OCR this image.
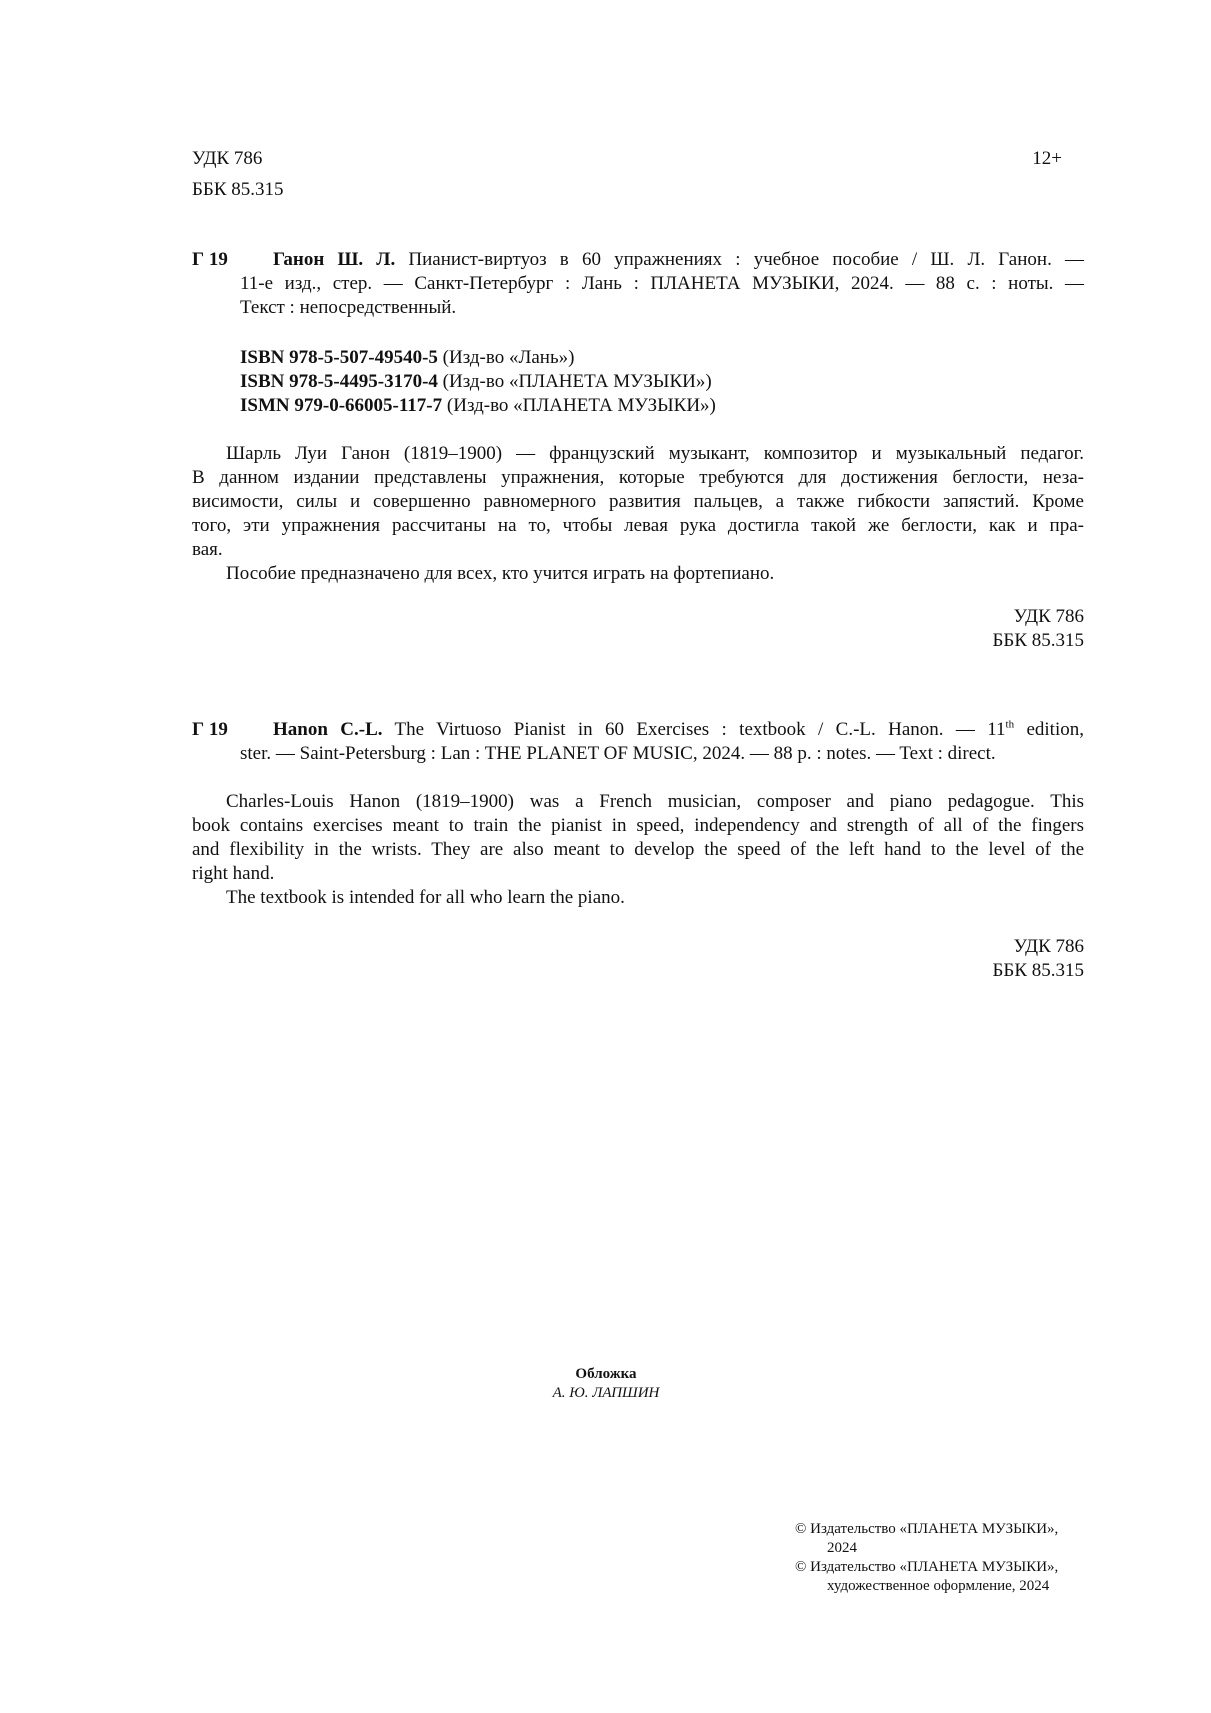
УДК 786
ББК 85.315
12+
Г 19	Ганон Ш. Л. Пианист-виртуоз в 60 упражнениях : учебное пособие / Ш. Л. Ганон. —
11-е изд., стер. — Санкт-Петербург : Лань : ПЛАНЕТА МУЗЫКИ, 2024. — 88 с. : ноты. —
Текст : непосредственный.
ISBN 978-5-507-49540-5 (Изд-во «Лань»)
ISBN 978-5-4495-3170-4 (Изд-во «ПЛАНЕТА МУЗЫКИ»)
ISMN 979-0-66005-117-7 (Изд-во «ПЛАНЕТА МУЗЫКИ»)
Шарль Луи Ганон (1819–1900) — французский музыкант, композитор и музыкальный педагог.
В данном издании представлены упражнения, которые требуются для достижения беглости, неза-
висимости, силы и совершенно равномерного развития пальцев, а также гибкости запястий. Кроме
того, эти упражнения рассчитаны на то, чтобы левая рука достигла такой же беглости, как и пра-
вая.
Пособие предназначено для всех, кто учится играть на фортепиано.
УДК 786
ББК 85.315
Г 19	Hanon C.-L. The Virtuoso Pianist in 60 Exercises : textbook / C.-L. Hanon. — 11th edition,
ster. — Saint-Petersburg : Lan : THE PLANET OF MUSIC, 2024. — 88 p. : notes. — Text : direct.
Charles-Louis Hanon (1819–1900) was a French musician, composer and piano pedagogue. This
book contains exercises meant to train the pianist in speed, independency and strength of all of the fingers
and flexibility in the wrists. They are also meant to develop the speed of the left hand to the level of the
right hand.
The textbook is intended for all who learn the piano.
УДК 786
ББК 85.315
Обложка
А. Ю. ЛАПШИН
© Издательство «ПЛАНЕТА МУЗЫКИ»,
2024
© Издательство «ПЛАНЕТА МУЗЫКИ»,
художественное оформление, 2024
